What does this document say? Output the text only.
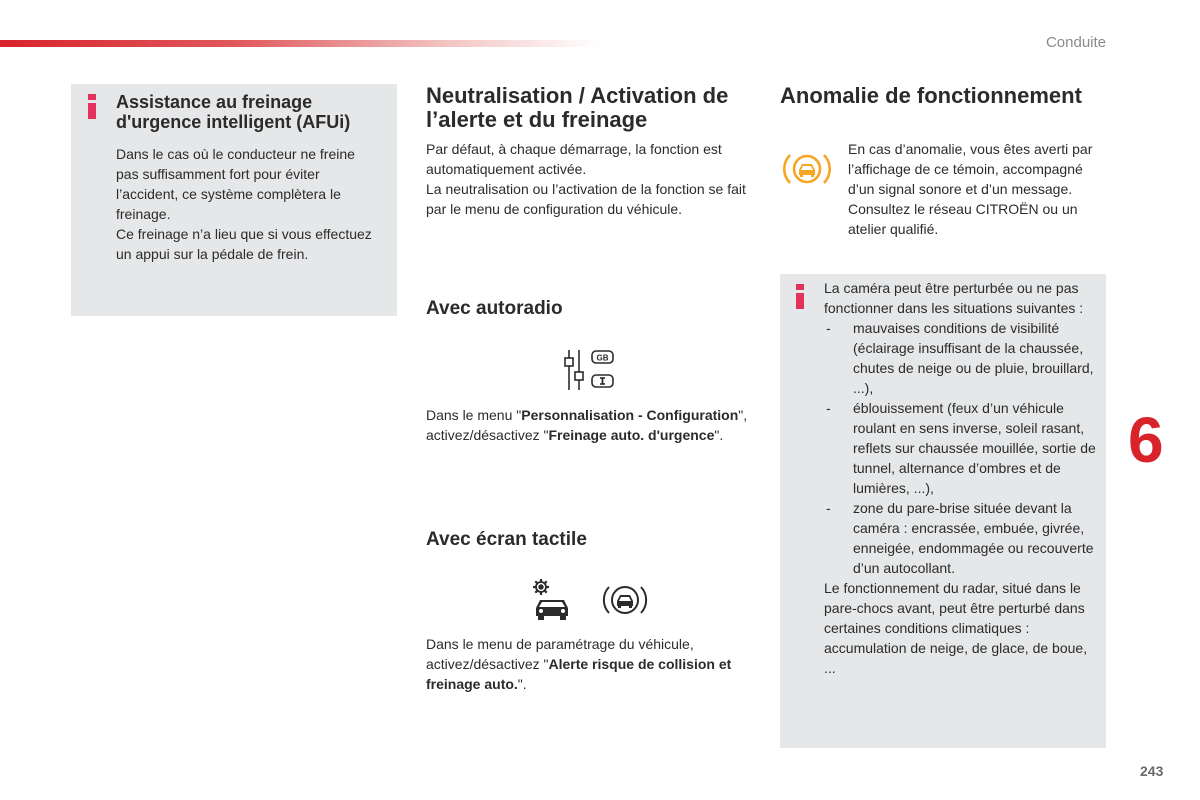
Conduite
6
243
Assistance au freinage d'urgence intelligent (AFUi)
Dans le cas où le conducteur ne freine pas suffisamment fort pour éviter l’accident, ce système complètera le freinage.
Ce freinage n’a lieu que si vous effectuez un appui sur la pédale de frein.
Neutralisation / Activation de l’alerte et du freinage

Par défaut, à chaque démarrage, la fonction est automatiquement activée.
La neutralisation ou l’activation de la fonction se fait par le menu de configuration du véhicule.

Avec autoradio
GB

Dans le menu "Personnalisation - Configuration", activez/désactivez "Freinage auto. d'urgence".

Avec écran tactile

Dans le menu de paramétrage du véhicule, activez/désactivez "Alerte risque de collision et freinage auto.".

Anomalie de fonctionnement

En cas d’anomalie, vous êtes averti par l’affichage de ce témoin, accompagné d’un signal sonore et d’un message.
Consultez le réseau CITROËN ou un atelier qualifié.

La caméra peut être perturbée ou ne pas fonctionner dans les situations suivantes :
- mauvaises conditions de visibilité (éclairage insuffisant de la chaussée, chutes de neige ou de pluie, brouillard, ...),
- éblouissement (feux d’un véhicule roulant en sens inverse, soleil rasant, reflets sur chaussée mouillée, sortie de tunnel, alternance d’ombres et de lumières, ...),
- zone du pare-brise située devant la caméra : encrassée, embuée, givrée, enneigée, endommagée ou recouverte d’un autocollant.
Le fonctionnement du radar, situé dans le pare-chocs avant, peut être perturbé dans certaines conditions climatiques : accumulation de neige, de glace, de boue, ...
